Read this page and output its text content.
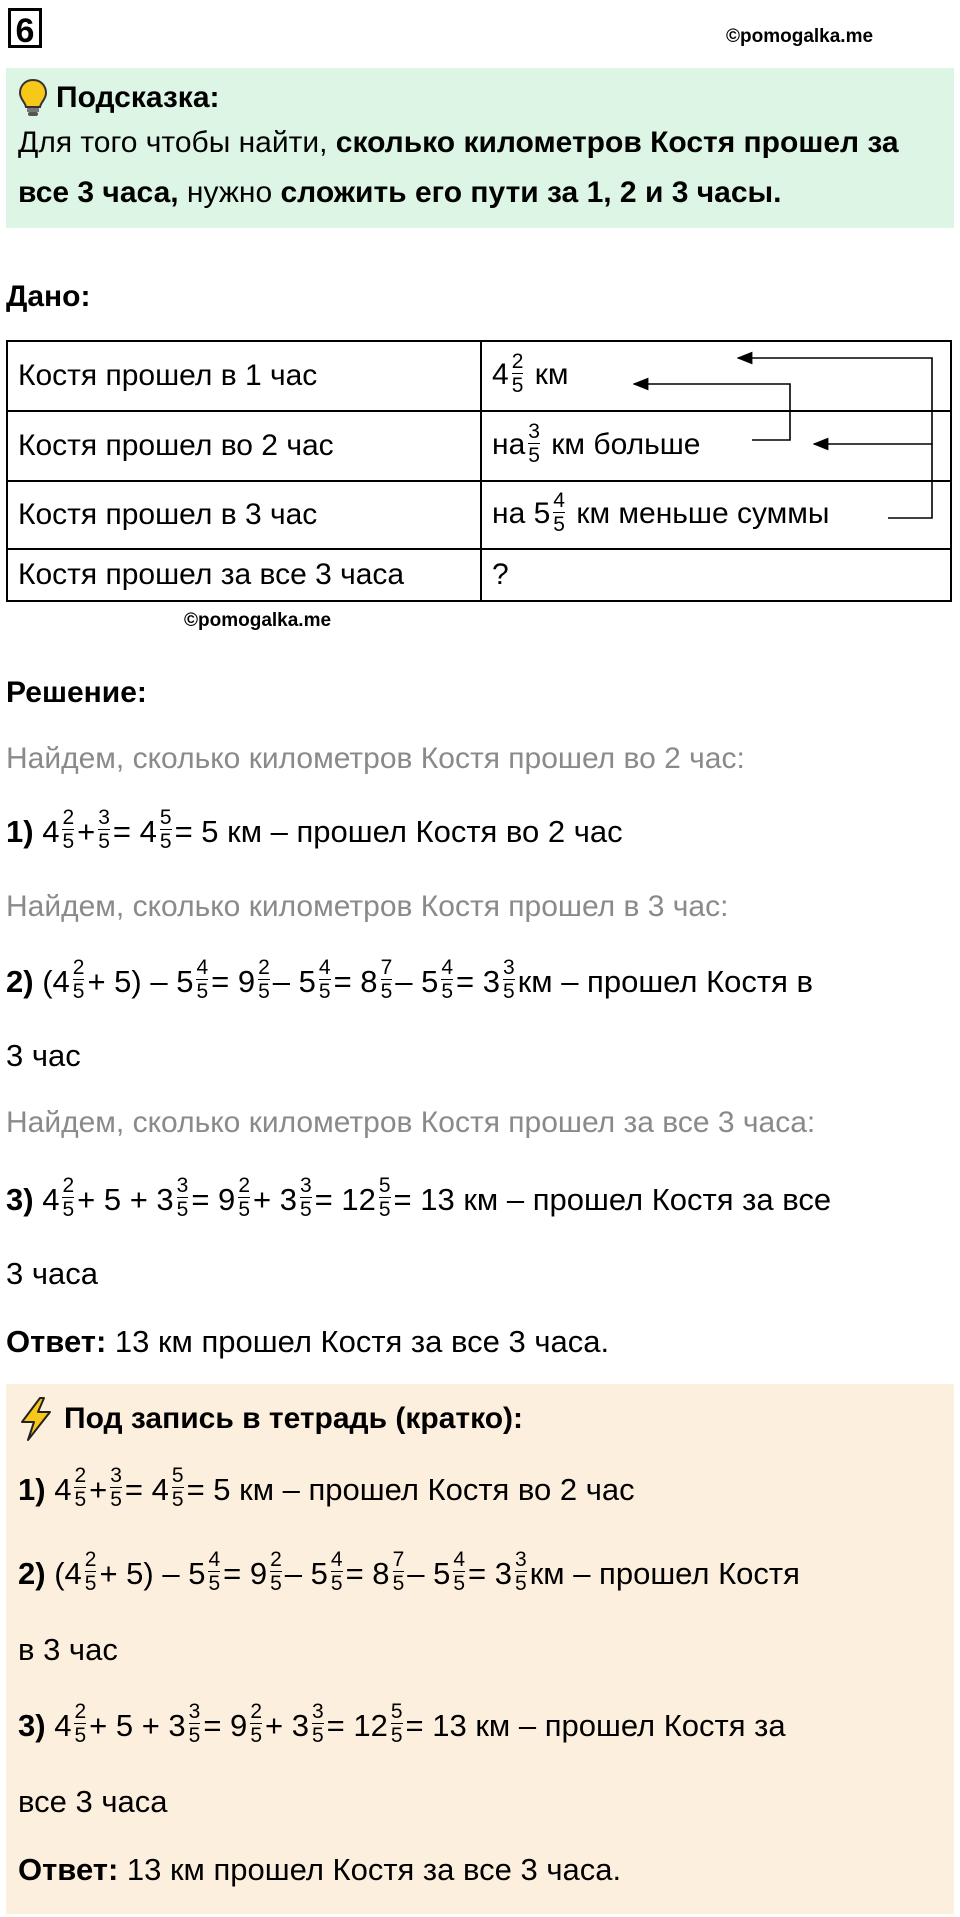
6	©pomogalka.me
Подсказка:
Для того чтобы найти, сколько километров Костя прошел за все 3 часа, нужно сложить его пути за 1, 2 и 3 часы.
Дано:
Костя прошел в 1 час	$4 \frac{2}{5}$ км
Костя прошел во 2 час	на $\frac{3}{5}$ км больше
Костя прошел в 3 час	на $5 \frac{4}{5}$ км меньше суммы
Костя прошел за все 3 часа	?
©pomogalka.me
Решение:
Найдем, сколько километров Костя прошел во 2 час:
1) $4 \frac{2}{5} + \frac{3}{5} = 4 \frac{5}{5} = 5$ км – прошел Костя во 2 час
Найдем, сколько километров Костя прошел в 3 час:
2) $(4 \frac{2}{5} + 5) - 5 \frac{4}{5} = 9 \frac{2}{5} - 5 \frac{4}{5} = 8 \frac{7}{5} - 5 \frac{4}{5} = 3 \frac{3}{5}$ км – прошел Костя в
3 час
Найдем, сколько километров Костя прошел за все 3 часа:
3) $4 \frac{2}{5} + 5 + 3 \frac{3}{5} = 9 \frac{2}{5} + 3 \frac{3}{5} = 12 \frac{5}{5} = 13$ км – прошел Костя за все
3 часа
Ответ: 13 км прошел Костя за все 3 часа.
Под запись в тетрадь (кратко):
1) $4 \frac{2}{5} + \frac{3}{5} = 4 \frac{5}{5} = 5$ км – прошел Костя во 2 час
2) $(4 \frac{2}{5} + 5) - 5 \frac{4}{5} = 9 \frac{2}{5} - 5 \frac{4}{5} = 8 \frac{7}{5} - 5 \frac{4}{5} = 3 \frac{3}{5}$ км – прошел Костя
в 3 час
3) $4 \frac{2}{5} + 5 + 3 \frac{3}{5} = 9 \frac{2}{5} + 3 \frac{3}{5} = 12 \frac{5}{5} = 13$ км – прошел Костя за
все 3 часа
Ответ: 13 км прошел Костя за все 3 часа.
